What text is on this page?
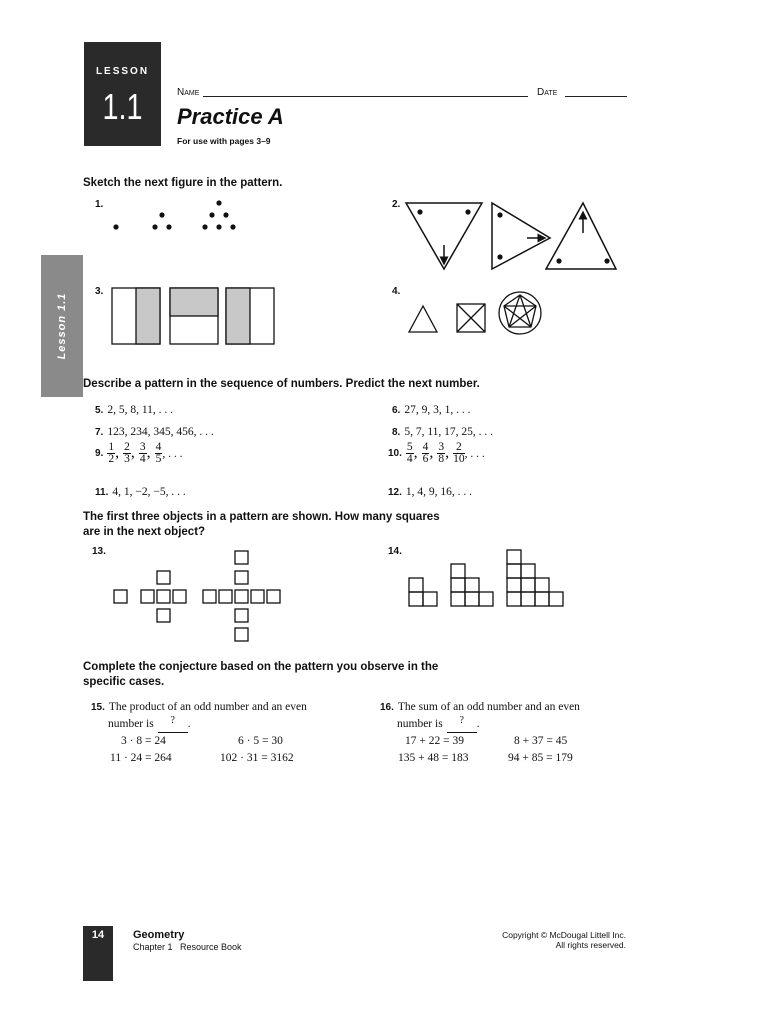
LESSON
1.1	Name	Date
Practice A
For use with pages 3–9
Lesson 1.1
Sketch the next figure in the pattern.
1.	2.
3.	4.
Describe a pattern in the sequence of numbers. Predict the next number.
5. 2, 5, 8, 11, . . .	6. 27, 9, 3, 1, . . .
7. 123, 234, 345, 456, . . .	8. 5, 7, 11, 17, 25, . . .
9. $\frac{1}{2}$ , $\frac{2}{3}$ , $\frac{3}{4}$ , $\frac{4}{5}$ , . . .	10. $\frac{5}{4}$ , $\frac{4}{6}$ , $\frac{3}{8}$ , $\frac{2}{10}$ , . . .
11. 4, 1, −2, −5, . . .	12. 1, 4, 9, 16, . . .
The first three objects in a pattern are shown. How many squares
are in the next object?
13.	14.
Complete the conjecture based on the pattern you observe in the
specific cases.
15. The product of an odd number and an even
number is ? .
3 · 8 = 24	6 · 5 = 30
11 · 24 = 264	102 · 31 = 3162
16. The sum of an odd number and an even
number is ? .
17 + 22 = 39	8 + 37 = 45
135 + 48 = 183	94 + 85 = 179
14	Geometry
Chapter 1   Resource Book
Copyright © McDougal Littell Inc.
All rights reserved.
